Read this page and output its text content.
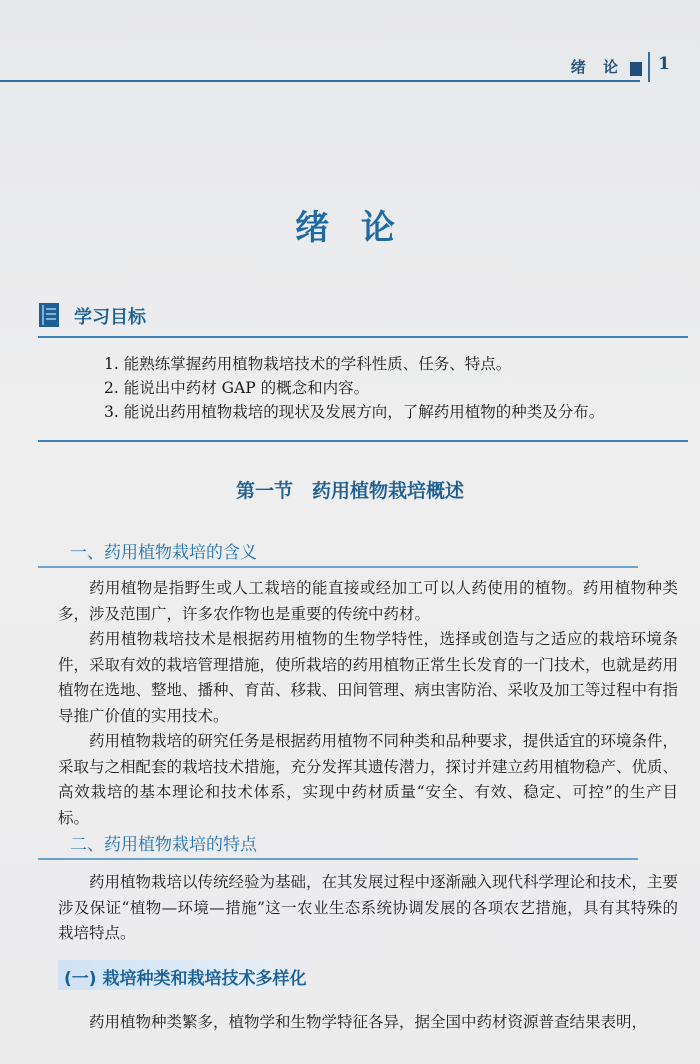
绪 论 1
绪 论
学习目标
1. 能熟练掌握药用植物栽培技术的学科性质、任务、特点。
2. 能说出中药材 GAP 的概念和内容。
3. 能说出药用植物栽培的现状及发展方向，了解药用植物的种类及分布。
第一节　药用植物栽培概述
一、药用植物栽培的含义

药用植物是指野生或人工栽培的能直接或经加工可以人药使用的植物。药用植物种类多，涉及范围广，许多农作物也是重要的传统中药材。

药用植物栽培技术是根据药用植物的生物学特性，选择或创造与之适应的栽培环境条件，采取有效的栽培管理措施，使所栽培的药用植物正常生长发育的一门技术，也就是药用植物在选地、整地、播种、育苗、移栽、田间管理、病虫害防治、采收及加工等过程中有指导推广价值的实用技术。

药用植物栽培的研究任务是根据药用植物不同种类和品种要求，提供适宜的环境条件，采取与之相配套的栽培技术措施，充分发挥其遗传潜力，探讨并建立药用植物稳产、优质、高效栽培的基本理论和技术体系，实现中药材质量“安全、有效、稳定、可控”的生产目标。

二、药用植物栽培的特点

药用植物栽培以传统经验为基础，在其发展过程中逐渐融入现代科学理论和技术，主要涉及保证“植物—环境—措施”这一农业生态系统协调发展的各项农艺措施，具有其特殊的栽培特点。

(一) 栽培种类和栽培技术多样化

药用植物种类繁多，植物学和生物学特征各异，据全国中药材资源普查结果表明，
